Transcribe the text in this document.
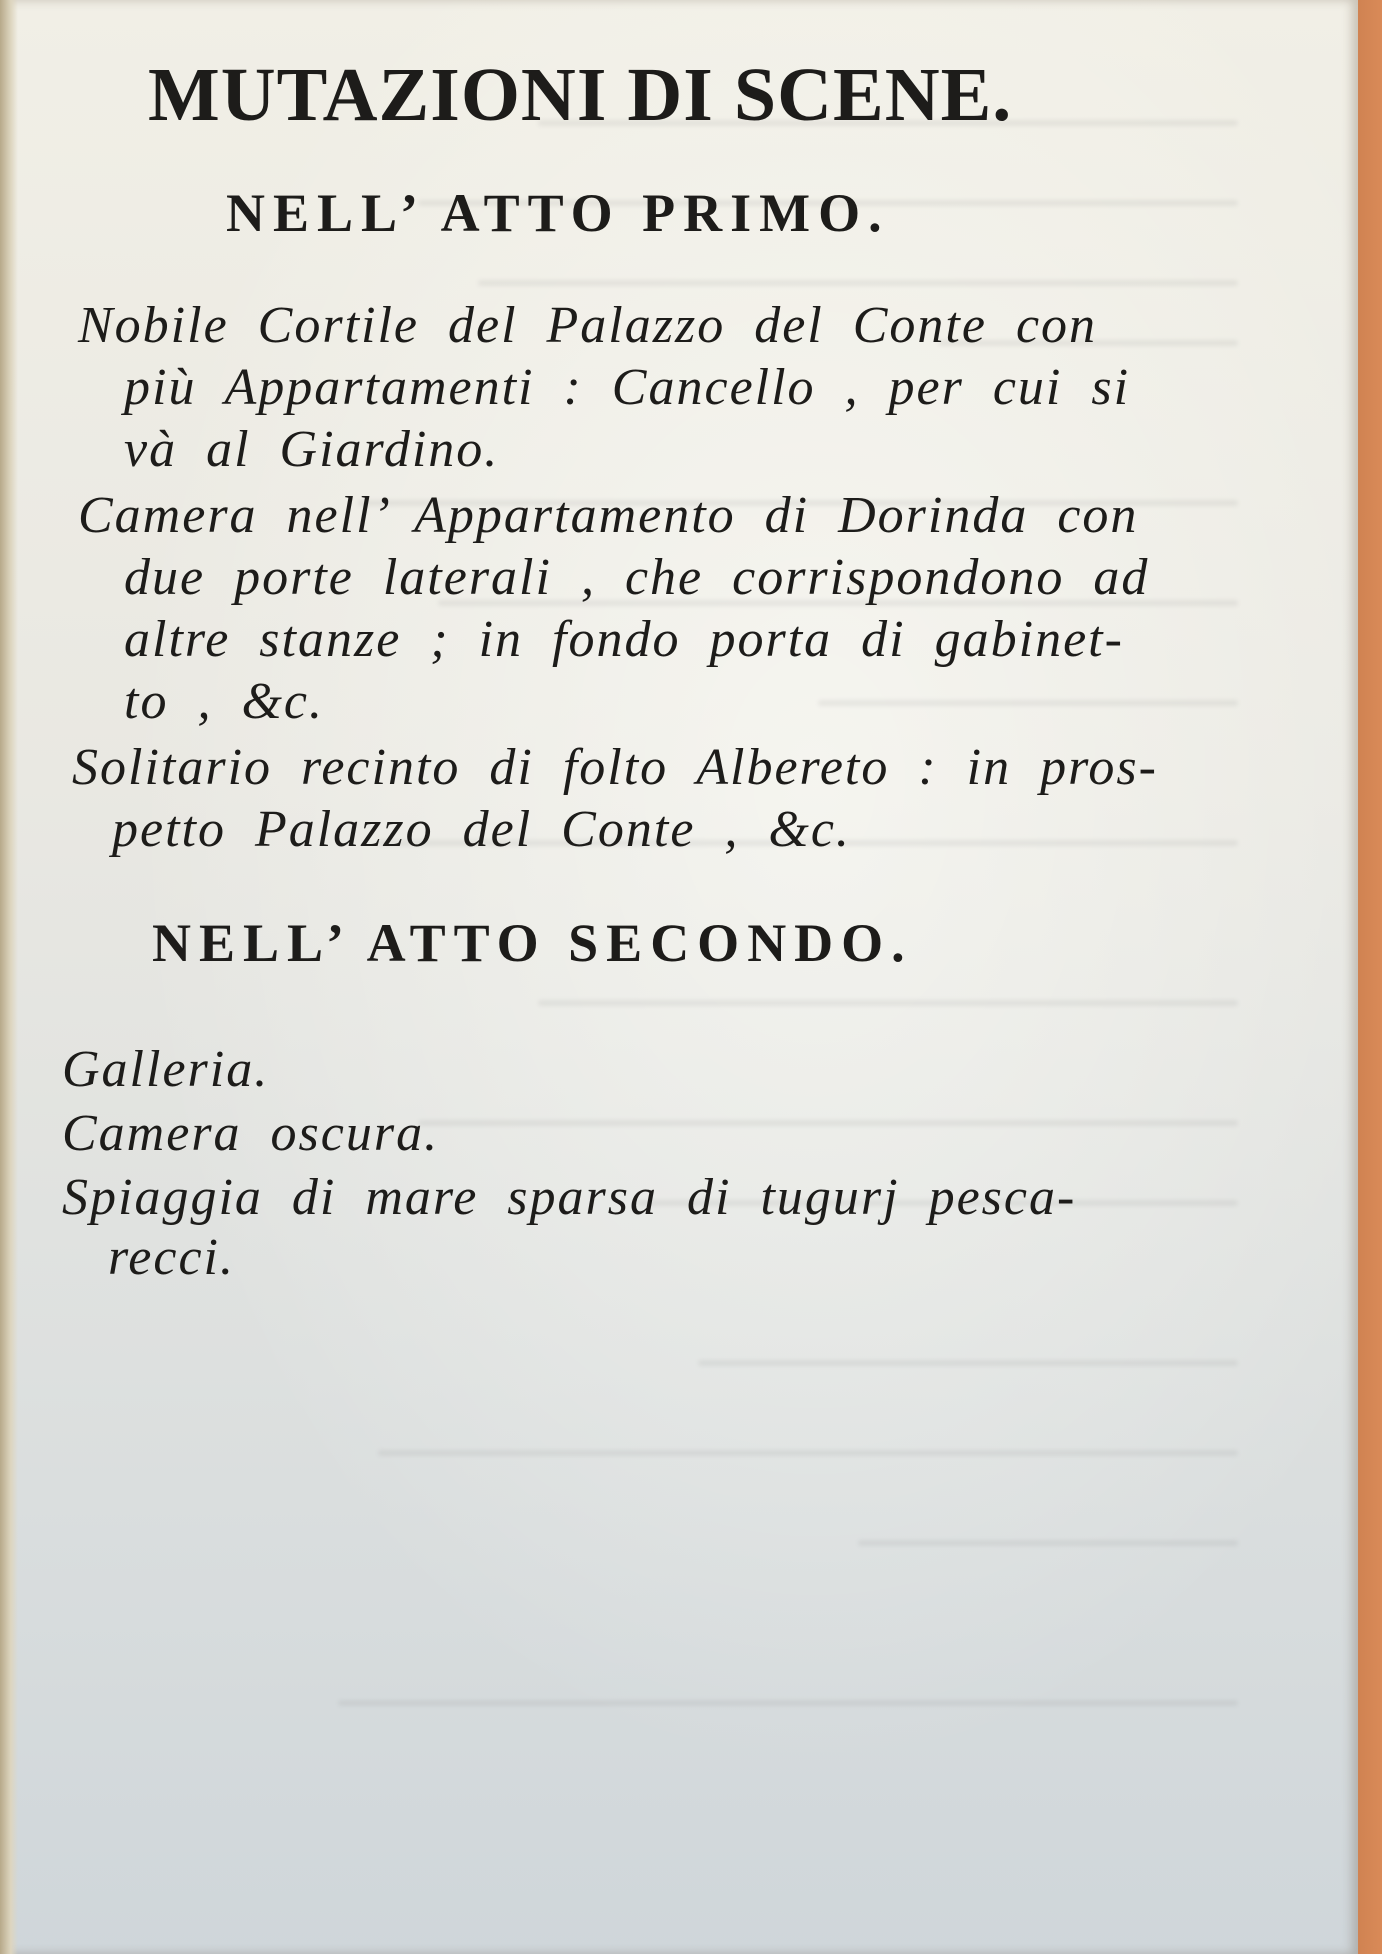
MUTAZIONI DI SCENE.
NELL’ ATTO PRIMO.

Nobile Cortile del Palazzo del Conte con

più Appartamenti : Cancello , per cui si

và al Giardino.

Camera nell’ Appartamento di Dorinda con

due porte laterali , che corrispondono ad

altre stanze ; in fondo porta di gabinet-

to , &c.

Solitario recinto di folto Albereto : in pros-

petto Palazzo del Conte , &c.

NELL’ ATTO SECONDO.

Galleria.

Camera oscura.

Spiaggia di mare sparsa di tugurj pesca-

recci.
